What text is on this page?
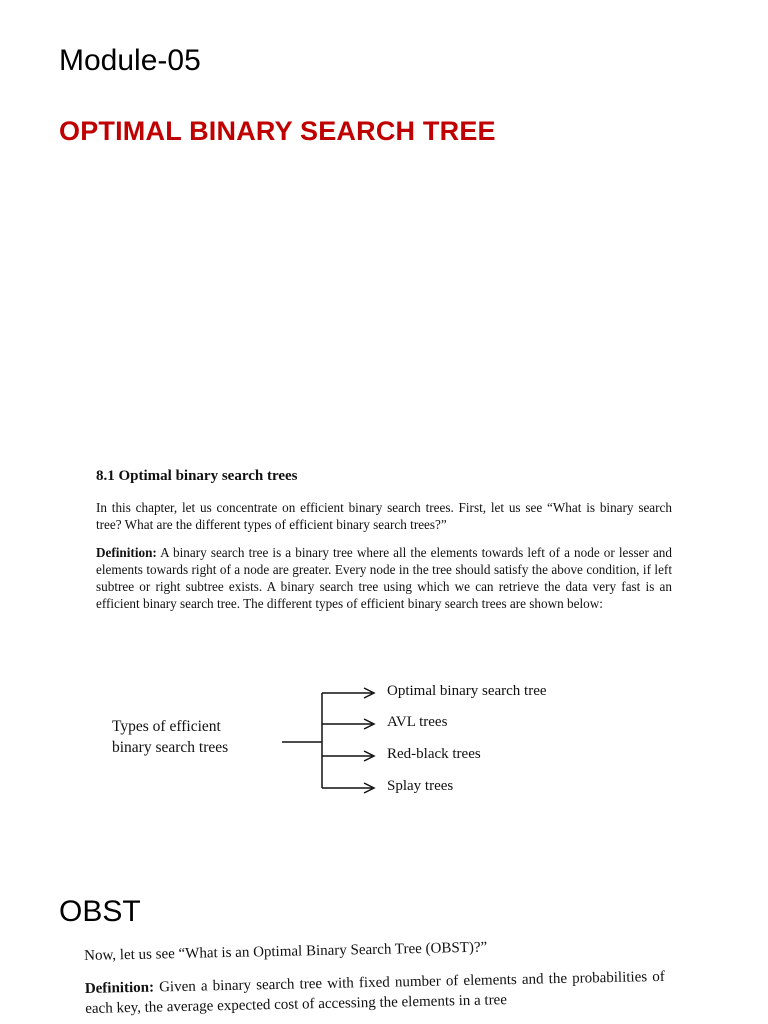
Module-05
OPTIMAL BINARY SEARCH TREE
8.1 Optimal binary search trees

In this chapter, let us concentrate on efficient binary search trees. First, let us see “What is binary search tree? What are the different types of efficient binary search trees?”

Definition: A binary search tree is a binary tree where all the elements towards left of a node or lesser and elements towards right of a node are greater. Every node in the tree should satisfy the above condition, if left subtree or right subtree exists. A binary search tree using which we can retrieve the data very fast is an efficient binary search tree. The different types of efficient binary search trees are shown below:

Types of efficient
binary search trees
Optimal binary search tree
AVL trees
Red-black trees
Splay trees
OBST

Now, let us see “What is an Optimal Binary Search Tree (OBST)?”

Definition: Given a binary search tree with fixed number of elements and the probabilities of each key, the average expected cost of accessing the elements in a tree
